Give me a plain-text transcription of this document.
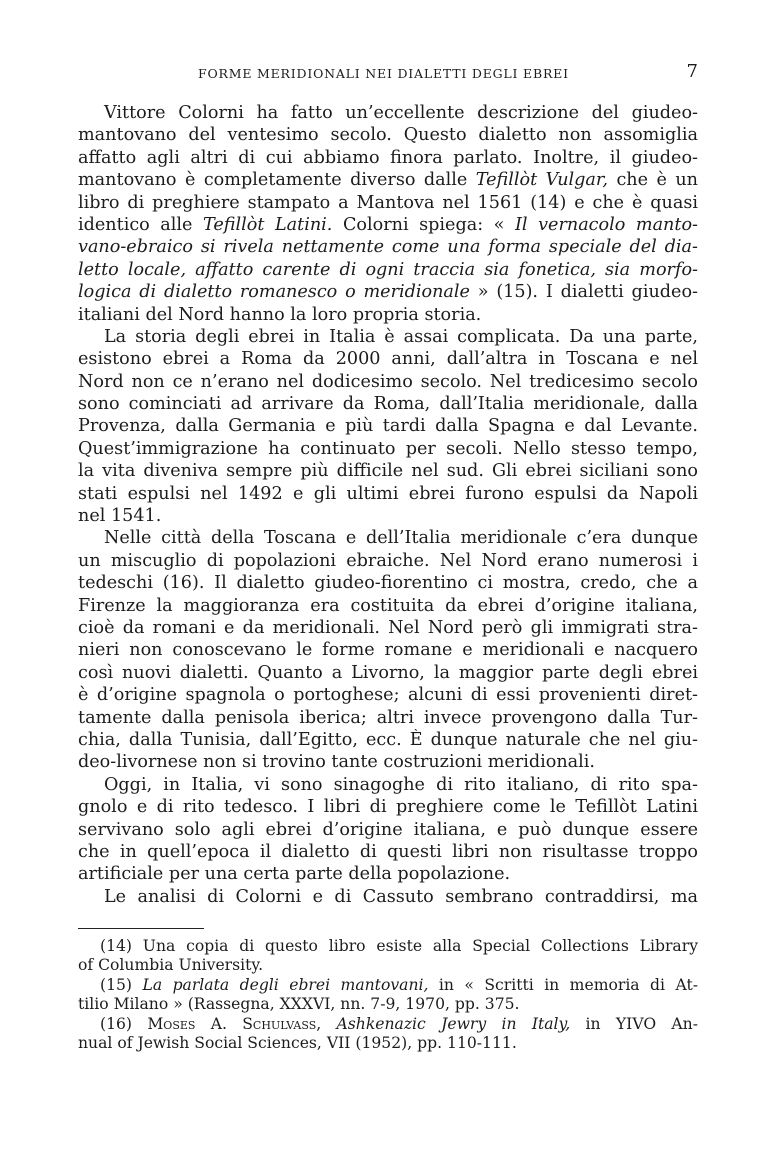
FORME MERIDIONALI NEI DIALETTI DEGLI EBREI	7

Vittore Colorni ha fatto un’eccellente descrizione del giudeo-
mantovano del ventesimo secolo. Questo dialetto non assomiglia
affatto agli altri di cui abbiamo finora parlato. Inoltre, il giudeo-
mantovano è completamente diverso dalle Tefillòt Vulgar, che è un
libro di preghiere stampato a Mantova nel 1561 (14) e che è quasi
identico alle Tefillòt Latini. Colorni spiega: « Il vernacolo manto-
vano-ebraico si rivela nettamente come una forma speciale del dia-
letto locale, affatto carente di ogni traccia sia fonetica, sia morfo-
logica di dialetto romanesco o meridionale » (15). I dialetti giudeo-
italiani del Nord hanno la loro propria storia.

La storia degli ebrei in Italia è assai complicata. Da una parte,
esistono ebrei a Roma da 2000 anni, dall’altra in Toscana e nel
Nord non ce n’erano nel dodicesimo secolo. Nel tredicesimo secolo
sono cominciati ad arrivare da Roma, dall’Italia meridionale, dalla
Provenza, dalla Germania e più tardi dalla Spagna e dal Levante.
Quest’immigrazione ha continuato per secoli. Nello stesso tempo,
la vita diveniva sempre più difficile nel sud. Gli ebrei siciliani sono
stati espulsi nel 1492 e gli ultimi ebrei furono espulsi da Napoli
nel 1541.

Nelle città della Toscana e dell’Italia meridionale c’era dunque
un miscuglio di popolazioni ebraiche. Nel Nord erano numerosi i
tedeschi (16). Il dialetto giudeo-fiorentino ci mostra, credo, che a
Firenze la maggioranza era costituita da ebrei d’origine italiana,
cioè da romani e da meridionali. Nel Nord però gli immigrati stra-
nieri non conoscevano le forme romane e meridionali e nacquero
così nuovi dialetti. Quanto a Livorno, la maggior parte degli ebrei
è d’origine spagnola o portoghese; alcuni di essi provenienti diret-
tamente dalla penisola iberica; altri invece provengono dalla Tur-
chia, dalla Tunisia, dall’Egitto, ecc. È dunque naturale che nel giu-
deo-livornese non si trovino tante costruzioni meridionali.

Oggi, in Italia, vi sono sinagoghe di rito italiano, di rito spa-
gnolo e di rito tedesco. I libri di preghiere come le Tefillòt Latini
servivano solo agli ebrei d’origine italiana, e può dunque essere
che in quell’epoca il dialetto di questi libri non risultasse troppo
artificiale per una certa parte della popolazione.

Le analisi di Colorni e di Cassuto sembrano contraddirsi, ma

(14) Una copia di questo libro esiste alla Special Collections Library
of Columbia University.
(15) La parlata degli ebrei mantovani, in « Scritti in memoria di At-
tilio Milano » (Rassegna, XXXVI, nn. 7-9, 1970, pp. 375.
(16) Moses A. Schulvass, Ashkenazic Jewry in Italy, in YIVO An-
nual of Jewish Social Sciences, VII (1952), pp. 110-111.
